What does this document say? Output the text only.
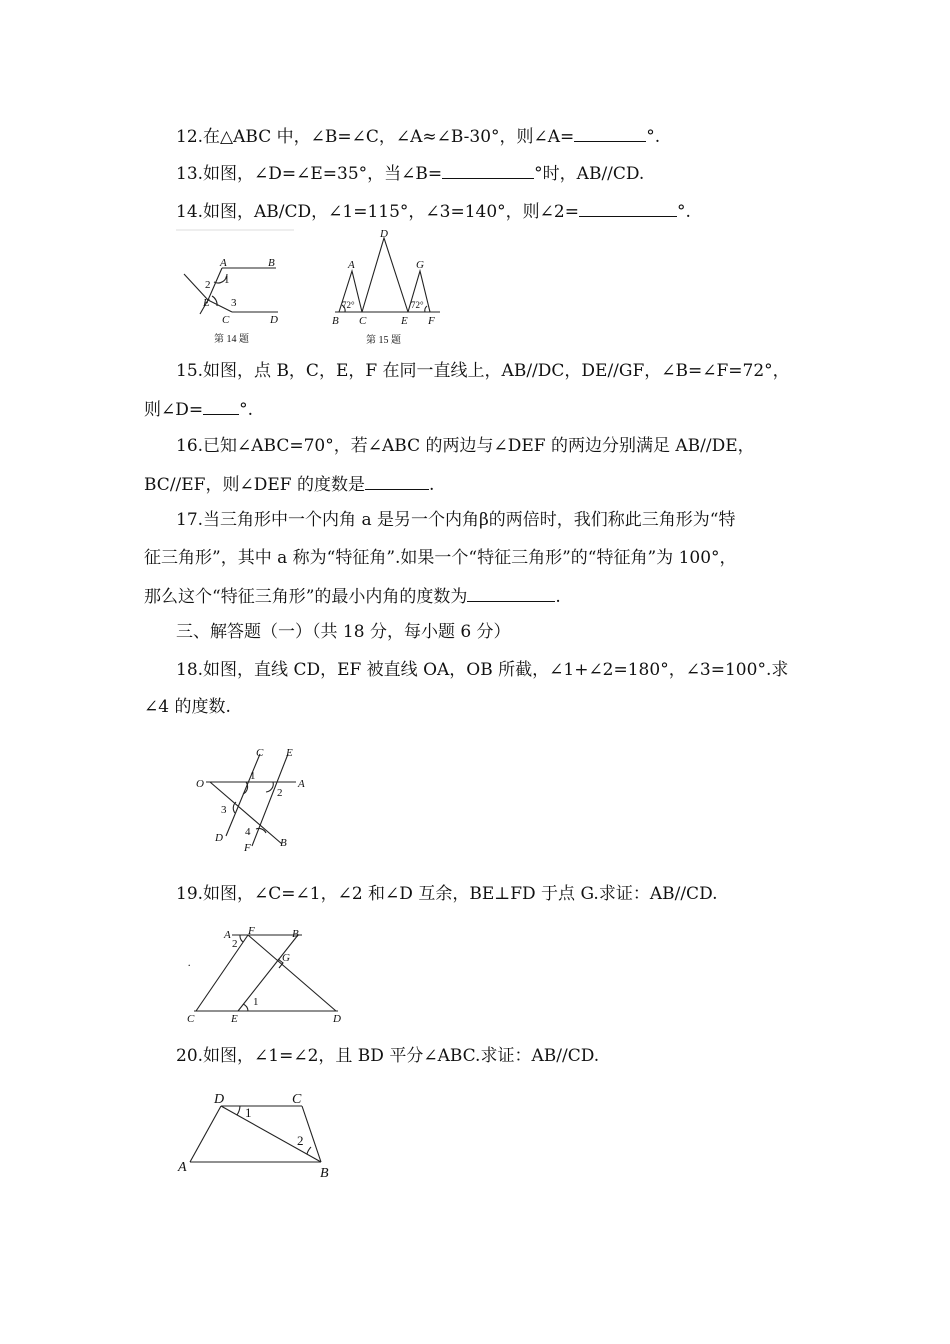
12.在△ABC 中，∠B=∠C，∠A≈∠B-30°，则∠A=	°.
13.如图，∠D=∠E=35°，当∠B=	°时，AB//CD.
14.如图，AB/CD，∠1=115°，∠3=140°，则∠2=	°.
A	B
C	D
E
1
2
3
第 14 题
A
B C
D
E F
G
72°	72°
第 15 题
15.如图，点 B，C，E，F 在同一直线上，AB//DC，DE//GF，∠B=∠F=72°，
则∠D= °.
16.已知∠ABC=70°，若∠ABC 的两边与∠DEF 的两边分别满足 AB//DE，
BC//EF，则∠DEF 的度数是	.
17.当三角形中一个内角 a 是另一个内角β的两倍时，我们称此三角形为“特
征三角形”，其中 a 称为“特征角”.如果一个“特征三角形”的“特征角”为 100°，
那么这个“特征三角形”的最小内角的度数为	.
三、解答题（一）（共 18 分，每小题 6 分）
18.如图，直线 CD，EF 被直线 OA，OB 所截，∠1+∠2=180°，∠3=100°.求
∠4 的度数.
O	A
B
C
D
E
F
1
2
3
4
19.如图，∠C=∠1，∠2 和∠D 互余，BE⊥FD 于点 G.求证：AB//CD.
.
A F	B
G
C	E	D
2
1
20.如图，∠1=∠2，且 BD 平分∠ABC.求证：AB//CD.
D	C
A	B
1
2
